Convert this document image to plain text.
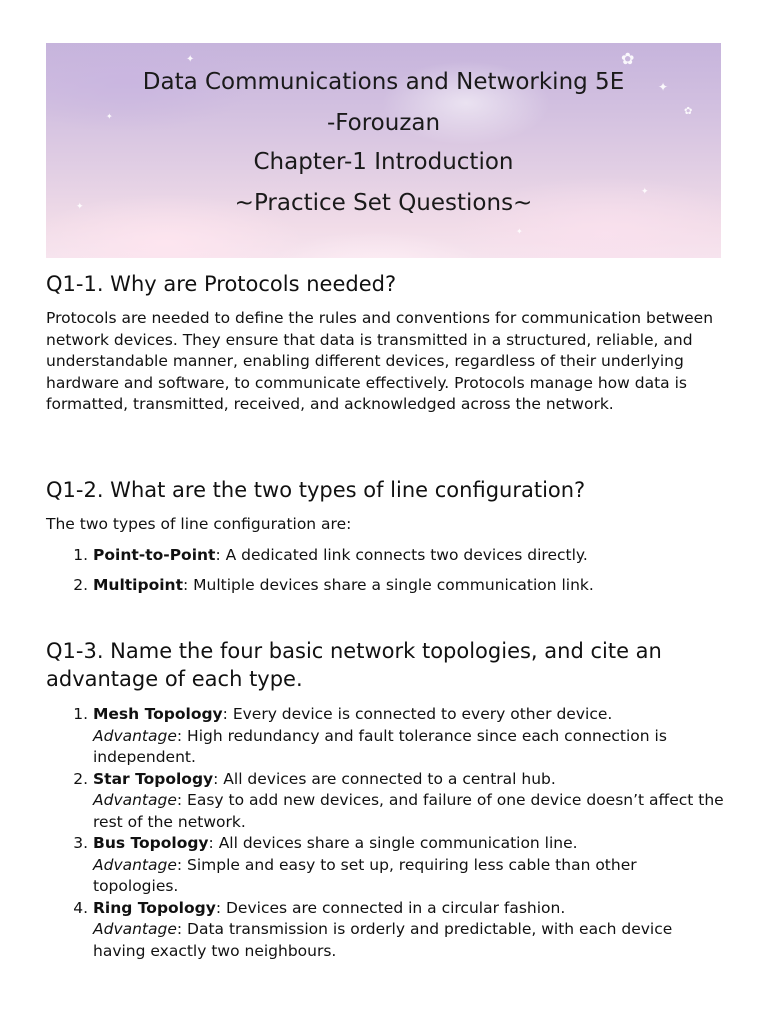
✿
✦
✿
✦
✦
✦
✦
✦
Data Communications and Networking 5E
-Forouzan
Chapter-1 Introduction
~Practice Set Questions~
Q1-1. Why are Protocols needed?

Protocols are needed to define the rules and conventions for communication between network devices. They ensure that data is transmitted in a structured, reliable, and understandable manner, enabling different devices, regardless of their underlying hardware and software, to communicate effectively. Protocols manage how data is formatted, transmitted, received, and acknowledged across the network.

Q1-2. What are the two types of line configuration?

The two types of line configuration are:

1. Point-to-Point: A dedicated link connects two devices directly.
2. Multipoint: Multiple devices share a single communication link.
Q1-3. Name the four basic network topologies, and cite an advantage of each type.
1. Mesh Topology: Every device is connected to every other device.
Advantage: High redundancy and fault tolerance since each connection is independent.
2. Star Topology: All devices are connected to a central hub.
Advantage: Easy to add new devices, and failure of one device doesn’t affect the rest of the network.
3. Bus Topology: All devices share a single communication line.
Advantage: Simple and easy to set up, requiring less cable than other topologies.
4. Ring Topology: Devices are connected in a circular fashion.
Advantage: Data transmission is orderly and predictable, with each device having exactly two neighbours.
